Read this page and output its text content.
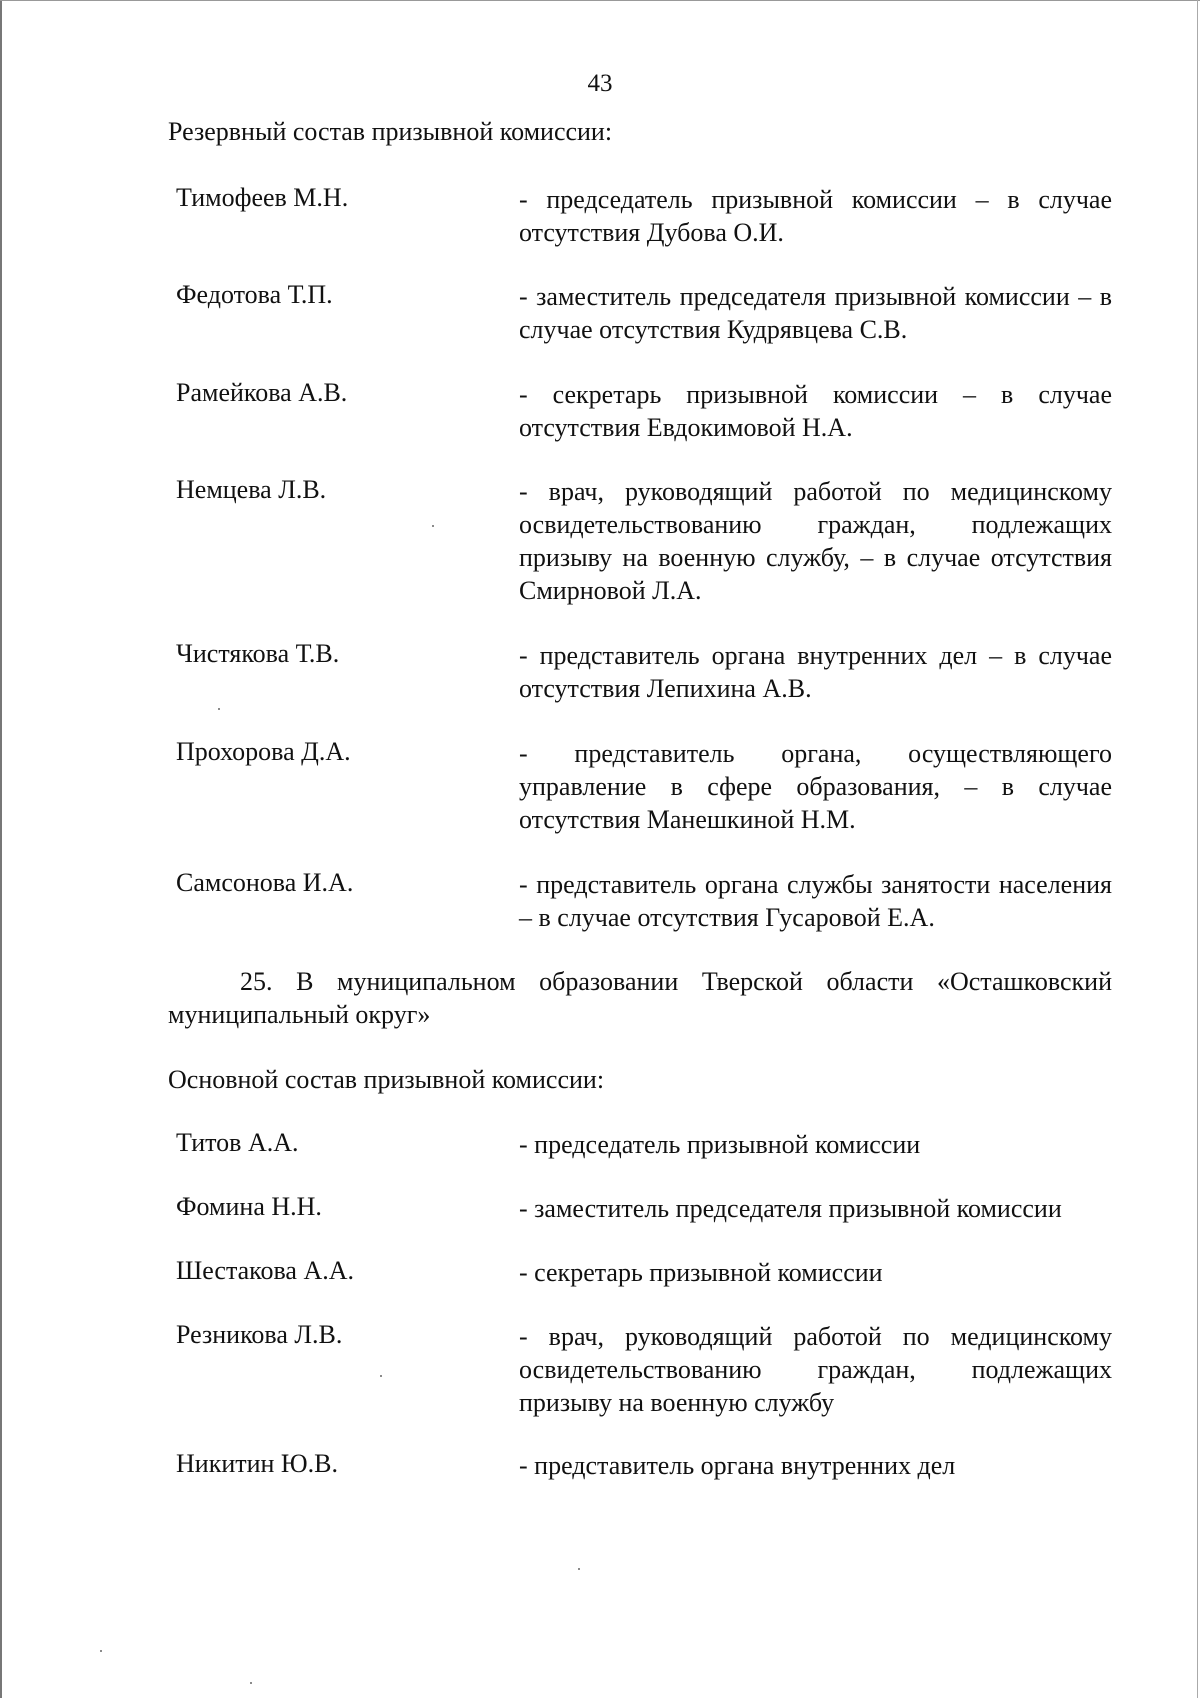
43
Резервный состав призывной комиссии:
Тимофеев М.Н.	- председатель призывной комиссии – в случае отсутствия Дубова О.И.
Федотова Т.П.	- заместитель председателя призывной комиссии – в случае отсутствия Кудрявцева С.В.
Рамейкова А.В.	- секретарь призывной комиссии – в случае отсутствия Евдокимовой Н.А.
Немцева Л.В.	- врач, руководящий работой по медицинскому освидетельствованию граждан, подлежащих призыву на военную службу, – в случае отсутствия Смирновой Л.А.
Чистякова Т.В.	- представитель органа внутренних дел – в случае отсутствия Лепихина А.В.
Прохорова Д.А.	- представитель органа, осуществляющего управление в сфере образования, – в случае отсутствия Манешкиной Н.М.
Самсонова И.А.	- представитель органа службы занятости населения – в случае отсутствия Гусаровой Е.А.
25. В муниципальном образовании Тверской области «Осташковский муниципальный округ»
Основной состав призывной комиссии:
Титов А.А.	- председатель призывной комиссии
Фомина Н.Н.	- заместитель председателя призывной комиссии
Шестакова А.А.	- секретарь призывной комиссии
Резникова Л.В.	- врач, руководящий работой по медицинскому освидетельствованию граждан, подлежащих призыву на военную службу
Никитин Ю.В.	- представитель органа внутренних дел
